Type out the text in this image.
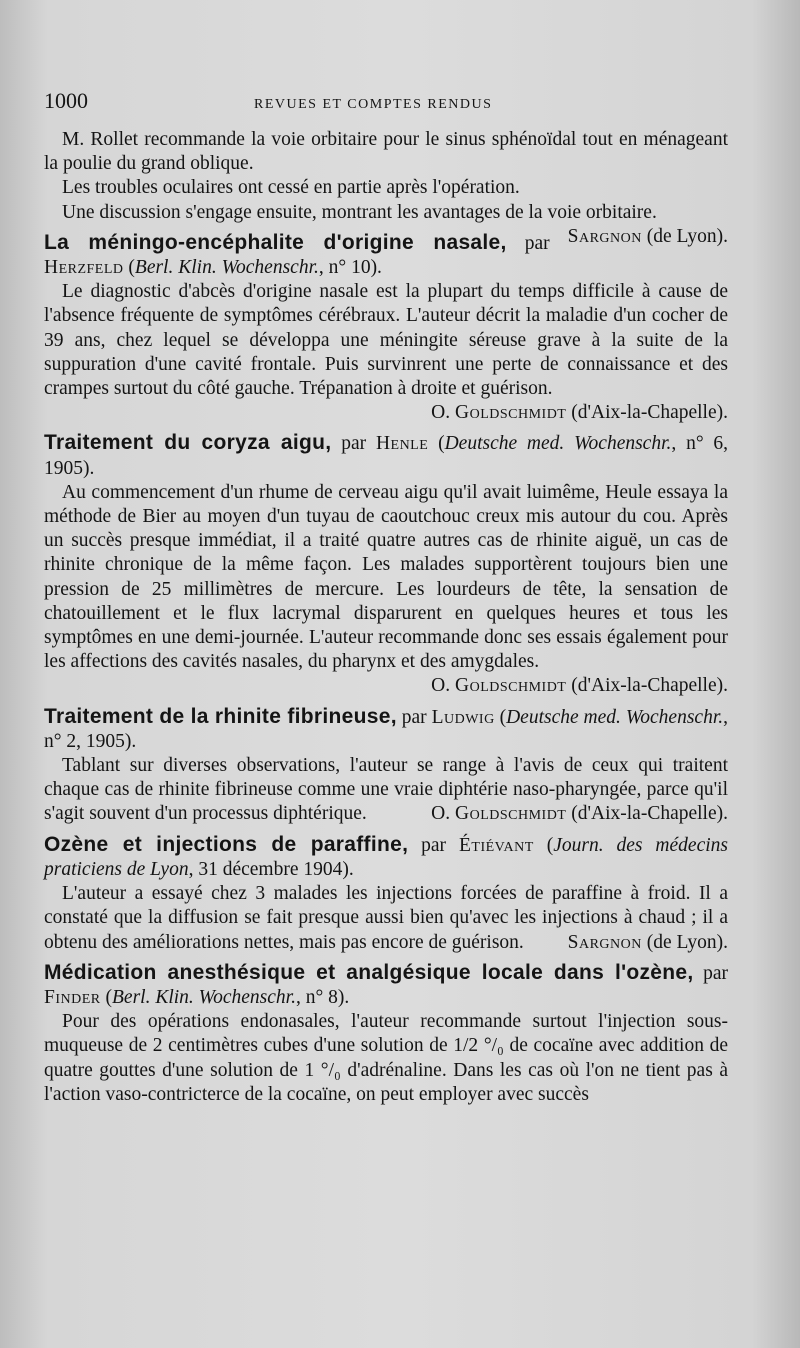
1000	REVUES ET COMPTES RENDUS

M. Rollet recommande la voie orbitaire pour le sinus sphénoïdal tout en ménageant la poulie du grand oblique.

Les troubles oculaires ont cessé en partie après l'opération.

Une discussion s'engage ensuite, montrant les avantages de la voie orbitaire.
Sargnon (de Lyon).

La méningo-encéphalite d'origine nasale, par Herzfeld (Berl. Klin. Wochenschr., n° 10).

Le diagnostic d'abcès d'origine nasale est la plupart du temps difficile à cause de l'absence fréquente de symptômes cérébraux. L'auteur décrit la maladie d'un cocher de 39 ans, chez lequel se développa une méningite séreuse grave à la suite de la suppuration d'une cavité frontale. Puis survinrent une perte de connaissance et des crampes surtout du côté gauche. Trépanation à droite et guérison.

O. Goldschmidt (d'Aix-la-Chapelle).

Traitement du coryza aigu, par Henle (Deutsche med. Wochenschr., n° 6, 1905).

Au commencement d'un rhume de cerveau aigu qu'il avait luimême, Heule essaya la méthode de Bier au moyen d'un tuyau de caoutchouc creux mis autour du cou. Après un succès presque immédiat, il a traité quatre autres cas de rhinite aiguë, un cas de rhinite chronique de la même façon. Les malades supportèrent toujours bien une pression de 25 millimètres de mercure. Les lourdeurs de tête, la sensation de chatouillement et le flux lacrymal disparurent en quelques heures et tous les symptômes en une demi-journée. L'auteur recommande donc ses essais également pour les affections des cavités nasales, du pharynx et des amygdales.

O. Goldschmidt (d'Aix-la-Chapelle).

Traitement de la rhinite fibrineuse, par Ludwig (Deutsche med. Wochenschr., n° 2, 1905).

Tablant sur diverses observations, l'auteur se range à l'avis de ceux qui traitent chaque cas de rhinite fibrineuse comme une vraie diphtérie naso-pharyngée, parce qu'il s'agit souvent d'un processus diphtérique.	O. Goldschmidt (d'Aix-la-Chapelle).

Ozène et injections de paraffine, par Étiévant (Journ. des médecins praticiens de Lyon, 31 décembre 1904).

L'auteur a essayé chez 3 malades les injections forcées de paraffine à froid. Il a constaté que la diffusion se fait presque aussi bien qu'avec les injections à chaud ; il a obtenu des améliorations nettes, mais pas encore de guérison.	Sargnon (de Lyon).

Médication anesthésique et analgésique locale dans l'ozène, par Finder (Berl. Klin. Wochenschr., n° 8).

Pour des opérations endonasales, l'auteur recommande surtout l'injection sous-muqueuse de 2 centimètres cubes d'une solution de 1/2 °/₀ de cocaïne avec addition de quatre gouttes d'une solution de 1 °/₀ d'adrénaline. Dans les cas où l'on ne tient pas à l'action vaso-contricterce de la cocaïne, on peut employer avec succès
